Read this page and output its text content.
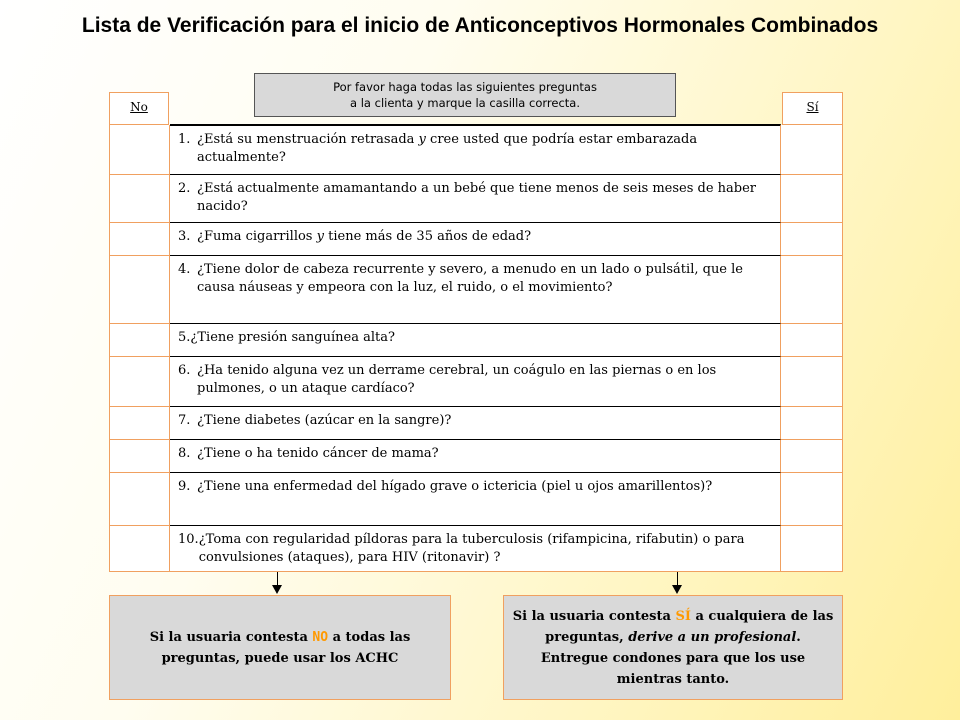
Lista de Verificación para el inicio de Anticonceptivos Hormonales Combinados
Por favor haga todas las siguientes preguntas
a la clienta y marque la casilla correcta.
No	Sí
1. ¿Está su menstruación retrasada y cree usted que podría estar embarazada actualmente?
2. ¿Está actualmente amamantando a un bebé que tiene menos de seis meses de haber nacido?
3. ¿Fuma cigarrillos y tiene más de 35 años de edad?
4. ¿Tiene dolor de cabeza recurrente y severo, a menudo en un lado o pulsátil, que le causa náuseas y empeora con la luz, el ruido, o el movimiento?
5. ¿Tiene presión sanguínea alta?
6. ¿Ha tenido alguna vez un derrame cerebral, un coágulo en las piernas o en los pulmones, o un ataque cardíaco?
7. ¿Tiene diabetes (azúcar en la sangre)?
8. ¿Tiene o ha tenido cáncer de mama?
9. ¿Tiene una enfermedad del hígado grave o ictericia (piel u ojos amarillentos)?
10. ¿Toma con regularidad píldoras para la tuberculosis (rifampicina, rifabutin) o para convulsiones (ataques), para HIV (ritonavir) ?
Si la usuaria contesta NO a todas las preguntas, puede usar los ACHC
Si la usuaria contesta SÍ a cualquiera de las preguntas, derive a un profesional. Entregue condones para que los use mientras tanto.
